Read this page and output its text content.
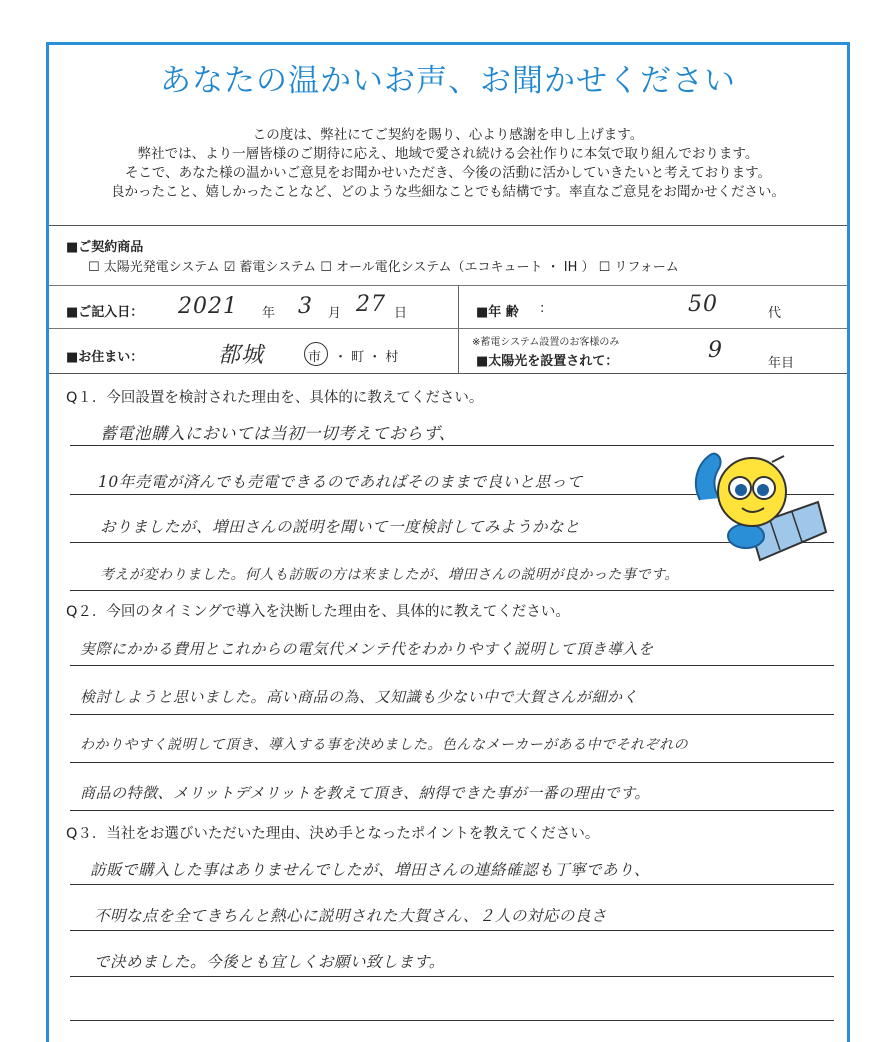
あなたの温かいお声、お聞かせください
この度は、弊社にてご契約を賜り、心より感謝を申し上げます。
弊社では、より一層皆様のご期待に応え、地域で愛され続ける会社作りに本気で取り組んでおります。
そこで、あなた様の温かいご意見をお聞かせいただき、今後の活動に活かしていきたいと考えております。
良かったこと、嬉しかったことなど、どのような些細なことでも結構です。率直なご意見をお聞かせください。
■ご契約商品
☐ 太陽光発電システム ☑ 蓄電システム ☐ オール電化システム（エコキュート ・ IH ） ☐ リフォーム
■ご記入日： 2021 年 3 月 27 日	■年 齢 :	50	代
■お住まい：	都城	市 ・ 町 ・ 村
※蓄電システム設置のお客様のみ
■太陽光を設置されて：	9
年目
Q１．今回設置を検討された理由を、具体的に教えてください。
蓄電池購入においては当初一切考えておらず、
10年売電が済んでも売電できるのであればそのままで良いと思って
おりましたが、増田さんの説明を聞いて一度検討してみようかなと
考えが変わりました。何人も訪販の方は来ましたが、増田さんの説明が良かった事です。
Q２．今回のタイミングで導入を決断した理由を、具体的に教えてください。
実際にかかる費用とこれからの電気代メンテ代をわかりやすく説明して頂き導入を
検討しようと思いました。高い商品の為、又知識も少ない中で大賀さんが細かく
わかりやすく説明して頂き、導入する事を決めました。色んなメーカーがある中でそれぞれの
商品の特徴、メリットデメリットを教えて頂き、納得できた事が一番の理由です。
Q３．当社をお選びいただいた理由、決め手となったポイントを教えてください。
訪販で購入した事はありませんでしたが、増田さんの連絡確認も丁寧であり、
不明な点を全てきちんと熱心に説明された大賀さん、２人の対応の良さ
で決めました。今後とも宜しくお願い致します。
